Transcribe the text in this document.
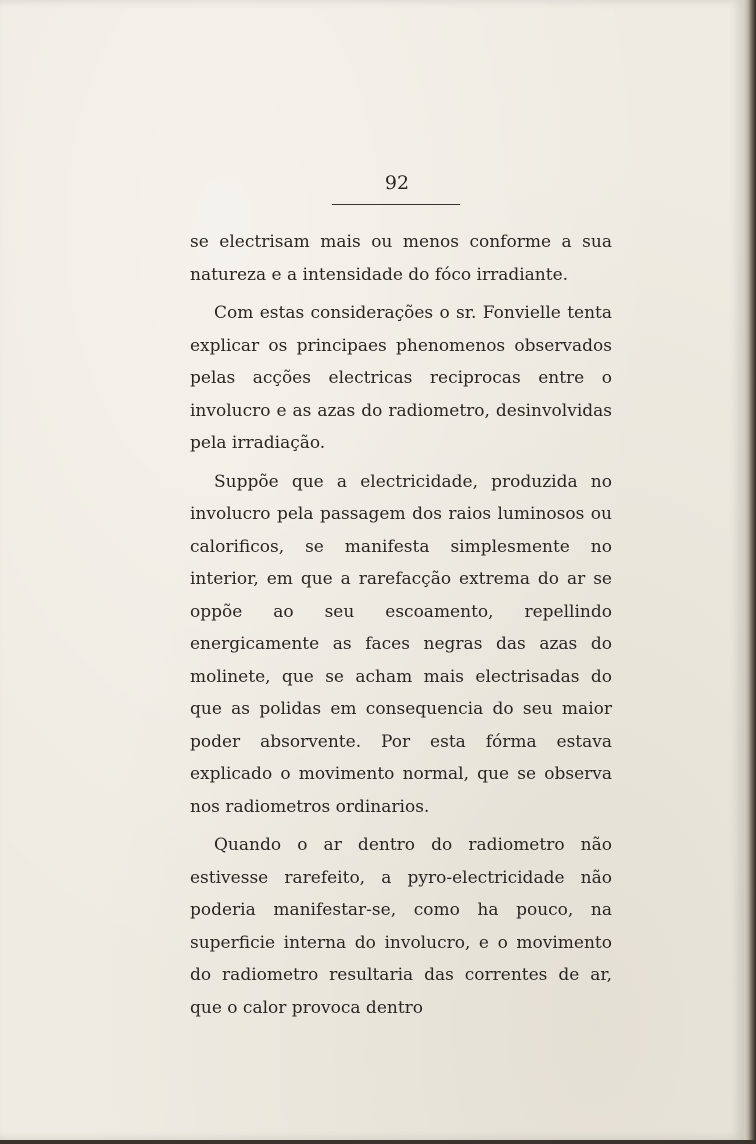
92

se electrisam mais ou menos conforme a sua natureza e a intensidade do fóco irradiante.

Com estas considerações o sr. Fonvielle tenta explicar os principaes phenomenos observados pelas acções electricas reciprocas entre o involucro e as azas do radiometro, desinvolvidas pela irradiação.

Suppõe que a electricidade, produzida no involucro pela passagem dos raios luminosos ou calorificos, se manifesta simplesmente no interior, em que a rarefacção extrema do ar se oppõe ao seu escoamento, repellindo energicamente as faces negras das azas do molinete, que se acham mais electrisadas do que as polidas em consequencia do seu maior poder absorvente. Por esta fórma estava explicado o movimento normal, que se observa nos radiometros ordinarios.

Quando o ar dentro do radiometro não estivesse rarefeito, a pyro-electricidade não poderia manifestar-se, como ha pouco, na superficie interna do involucro, e o movimento do radiometro resultaria das correntes de ar, que o calor provoca dentro
